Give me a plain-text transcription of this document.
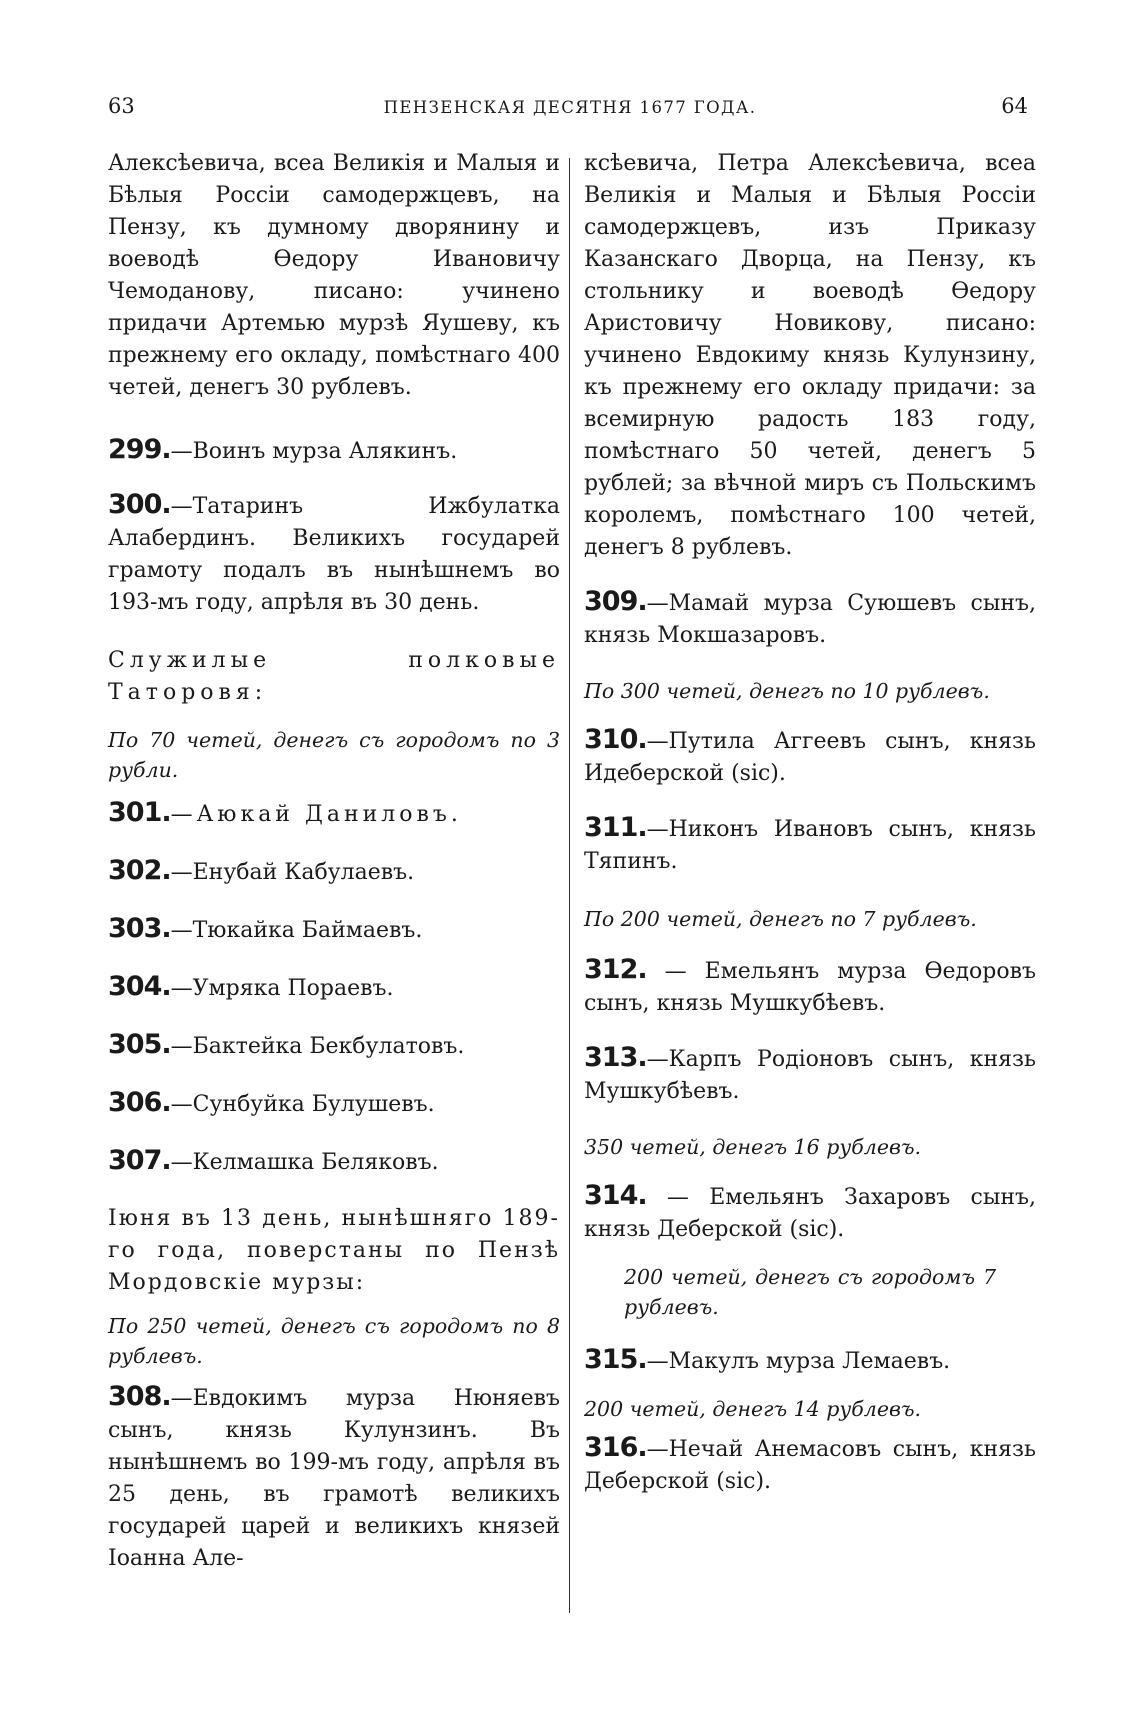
63	ПЕНЗЕНСКАЯ ДЕСЯТНЯ 1677 ГОДА.	64

Алексѣевича, всеа Великія и Малыя и Бѣлыя Россіи самодержцевъ, на Пензу, къ думному дворянину и воеводѣ Ѳедору Ивановичу Чемоданову, писано: учинено придачи Артемью мурзѣ Яушеву, къ прежнему его окладу, помѣстнаго 400 четей, денегъ 30 рублевъ.

299.—Воинъ мурза Алякинъ.

300.—Татаринъ Ижбулатка Алабердинъ. Великихъ государей грамоту подалъ въ нынѣшнемъ во 193-мъ году, апрѣля въ 30 день.

Служилые полковые Таторовя:

По 70 четей, денегъ съ городомъ по 3 рубли.

301.—Аюкай Даниловъ.

302.—Енубай Кабулаевъ.

303.—Тюкайка Баймаевъ.

304.—Умряка Пораевъ.

305.—Бактейка Бекбулатовъ.

306.—Сунбуйка Булушевъ.

307.—Келмашка Беляковъ.

Іюня въ 13 день, нынѣшняго 189-го года, поверстаны по Пензѣ Мордовскіе мурзы:

По 250 четей, денегъ съ городомъ по 8 рублевъ.

308.—Евдокимъ мурза Нюняевъ сынъ, князь Кулунзинъ. Въ нынѣшнемъ во 199-мъ году, апрѣля въ 25 день, въ грамотѣ великихъ государей царей и великихъ князей Іоанна Але-

ксѣевича, Петра Алексѣевича, всеа Великія и Малыя и Бѣлыя Россіи самодержцевъ, изъ Приказу Казанскаго Дворца, на Пензу, къ стольнику и воеводѣ Ѳедору Аристовичу Новикову, писано: учинено Евдокиму князь Кулунзину, къ прежнему его окладу придачи: за всемирную радость 183 году, помѣстнаго 50 четей, денегъ 5 рублей; за вѣчной миръ съ Польскимъ королемъ, помѣстнаго 100 четей, денегъ 8 рублевъ.

309.—Мамай мурза Суюшевъ сынъ, князь Мокшазаровъ.

По 300 четей, денегъ по 10 рублевъ.

310.—Путила Аггеевъ сынъ, князь Идеберской (sic).

311.—Никонъ Ивановъ сынъ, князь Тяпинъ.

По 200 четей, денегъ по 7 рублевъ.

312. — Емельянъ мурза Ѳедоровъ сынъ, князь Мушкубѣевъ.

313.—Карпъ Родіоновъ сынъ, князь Мушкубѣевъ.

350 четей, денегъ 16 рублевъ.

314. — Емельянъ Захаровъ сынъ, князь Деберской (sic).

200 четей, денегъ съ городомъ 7 рублевъ.

315.—Макулъ мурза Лемаевъ.

200 четей, денегъ 14 рублевъ.

316.—Нечай Анемасовъ сынъ, князь Деберской (sic).
